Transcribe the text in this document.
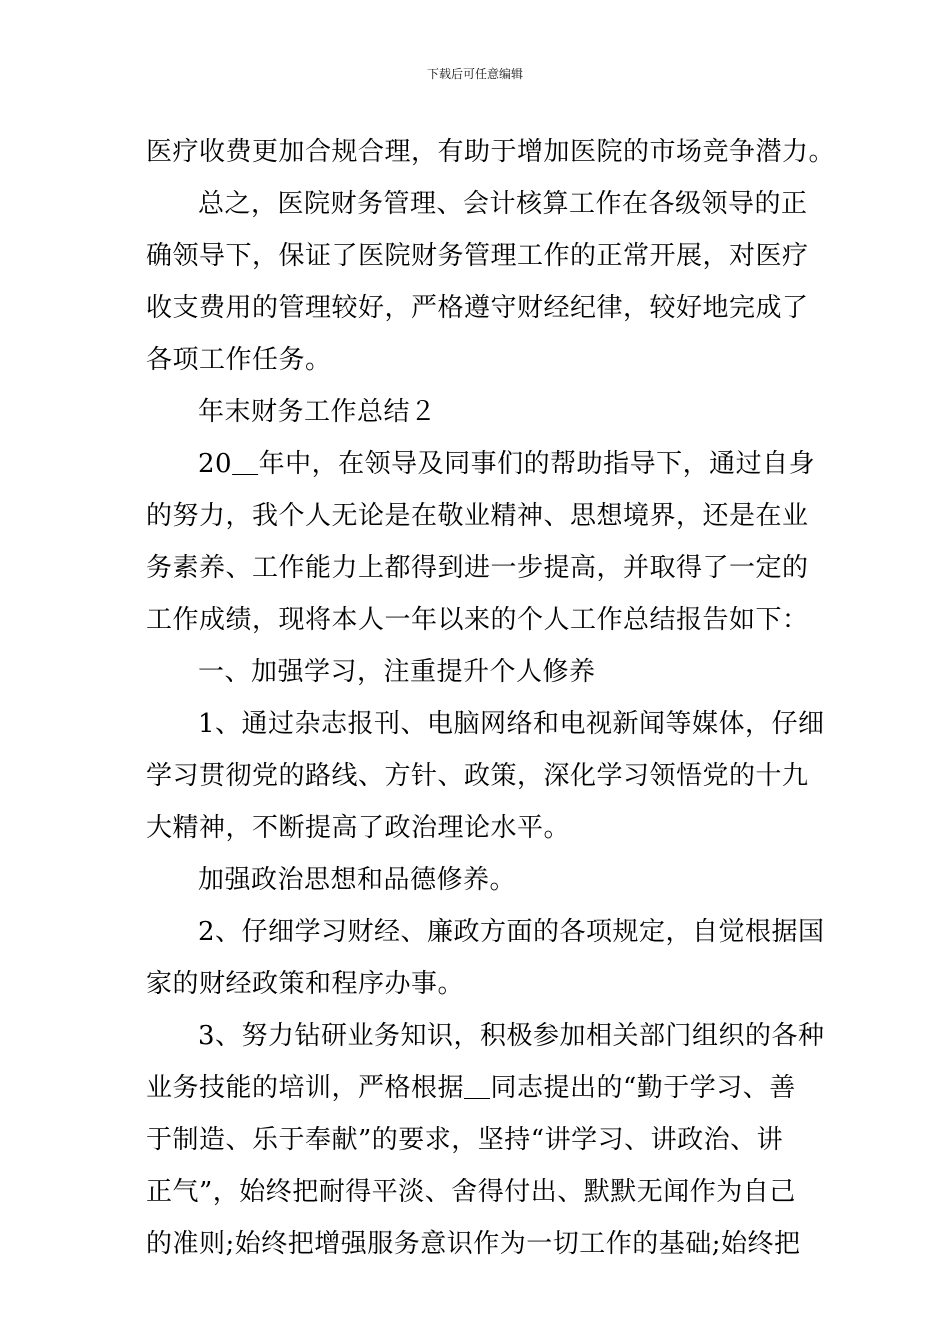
下载后可任意编辑
医疗收费更加合规合理，有助于增加医院的市场竞争潜力。
总之，医院财务管理、会计核算工作在各级领导的正
确领导下，保证了医院财务管理工作的正常开展，对医疗
收支费用的管理较好，严格遵守财经纪律，较好地完成了
各项工作任务。
年末财务工作总结２
20＿年中，在领导及同事们的帮助指导下，通过自身
的努力，我个人无论是在敬业精神、思想境界，还是在业
务素养、工作能力上都得到进一步提高，并取得了一定的
工作成绩，现将本人一年以来的个人工作总结报告如下：
一、加强学习，注重提升个人修养
1、通过杂志报刊、电脑网络和电视新闻等媒体，仔细
学习贯彻党的路线、方针、政策，深化学习领悟党的十九
大精神，不断提高了政治理论水平。
加强政治思想和品德修养。
2、仔细学习财经、廉政方面的各项规定，自觉根据国
家的财经政策和程序办事。
3、努力钻研业务知识，积极参加相关部门组织的各种
业务技能的培训，严格根据＿同志提出的“勤于学习、善
于制造、乐于奉献”的要求，坚持“讲学习、讲政治、讲
正气”，始终把耐得平淡、舍得付出、默默无闻作为自己
的准则;始终把增强服务意识作为一切工作的基础;始终把
